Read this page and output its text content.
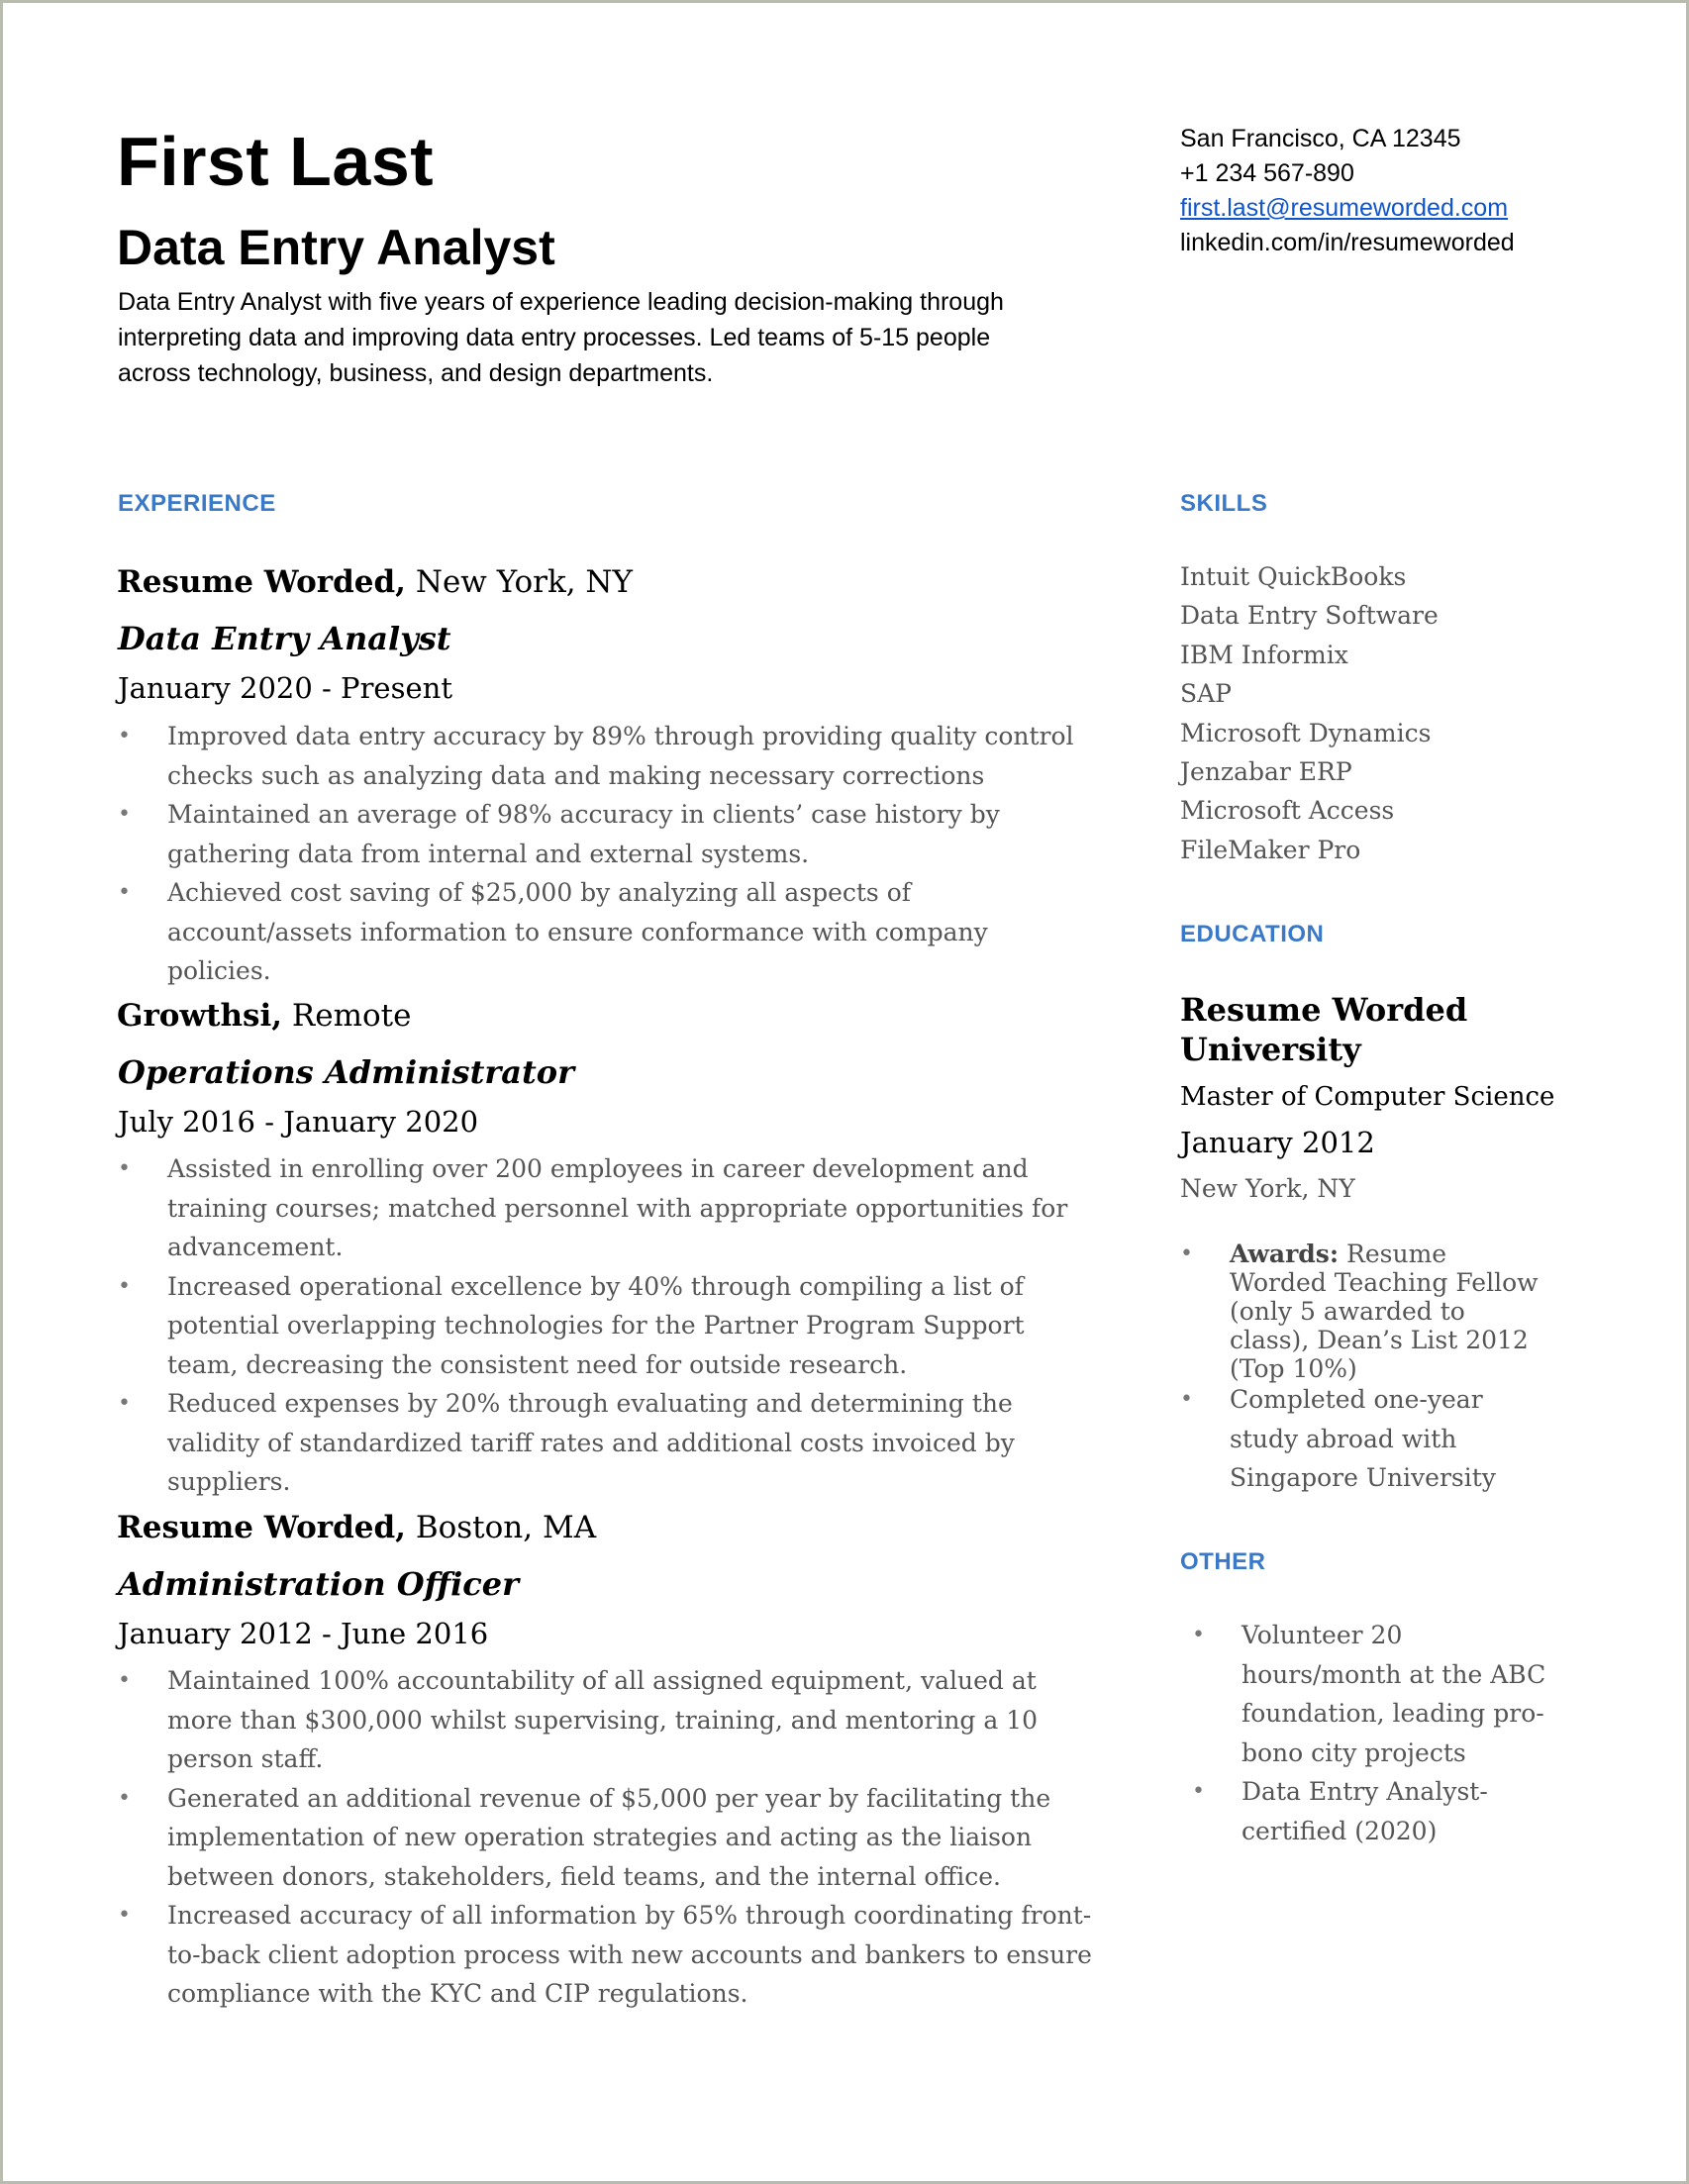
First Last
Data Entry Analyst
Data Entry Analyst with five years of experience leading decision-making through interpreting data and improving data entry processes. Led teams of 5-15 people across technology, business, and design departments.
San Francisco, CA 12345
+1 234 567-890
first.last@resumeworded.com
linkedin.com/in/resumeworded
EXPERIENCE
Resume Worded, New York, NY
Data Entry Analyst
January 2020 - Present
• Improved data entry accuracy by 89% through providing quality control checks such as analyzing data and making necessary corrections
• Maintained an average of 98% accuracy in clients’ case history by gathering data from internal and external systems.
• Achieved cost saving of $25,000 by analyzing all aspects of account/assets information to ensure conformance with company policies.
Growthsi, Remote
Operations Administrator
July 2016 - January 2020
• Assisted in enrolling over 200 employees in career development and training courses; matched personnel with appropriate opportunities for advancement.
• Increased operational excellence by 40% through compiling a list of potential overlapping technologies for the Partner Program Support team, decreasing the consistent need for outside research.
• Reduced expenses by 20% through evaluating and determining the validity of standardized tariff rates and additional costs invoiced by suppliers.
Resume Worded, Boston, MA
Administration Officer
January 2012 - June 2016
• Maintained 100% accountability of all assigned equipment, valued at more than $300,000 whilst supervising, training, and mentoring a 10 person staff.
• Generated an additional revenue of $5,000 per year by facilitating the implementation of new operation strategies and acting as the liaison between donors, stakeholders, field teams, and the internal office.
• Increased accuracy of all information by 65% through coordinating front-to-back client adoption process with new accounts and bankers to ensure compliance with the KYC and CIP regulations.
SKILLS
Intuit QuickBooks
Data Entry Software
IBM Informix
SAP
Microsoft Dynamics
Jenzabar ERP
Microsoft Access
FileMaker Pro
EDUCATION
Resume Worded University
Master of Computer Science
January 2012
New York, NY
• Awards: Resume Worded Teaching Fellow (only 5 awarded to class), Dean’s List 2012 (Top 10%)
• Completed one-year study abroad with Singapore University
OTHER
• Volunteer 20 hours/month at the ABC foundation, leading pro-bono city projects
• Data Entry Analyst-certified (2020)
